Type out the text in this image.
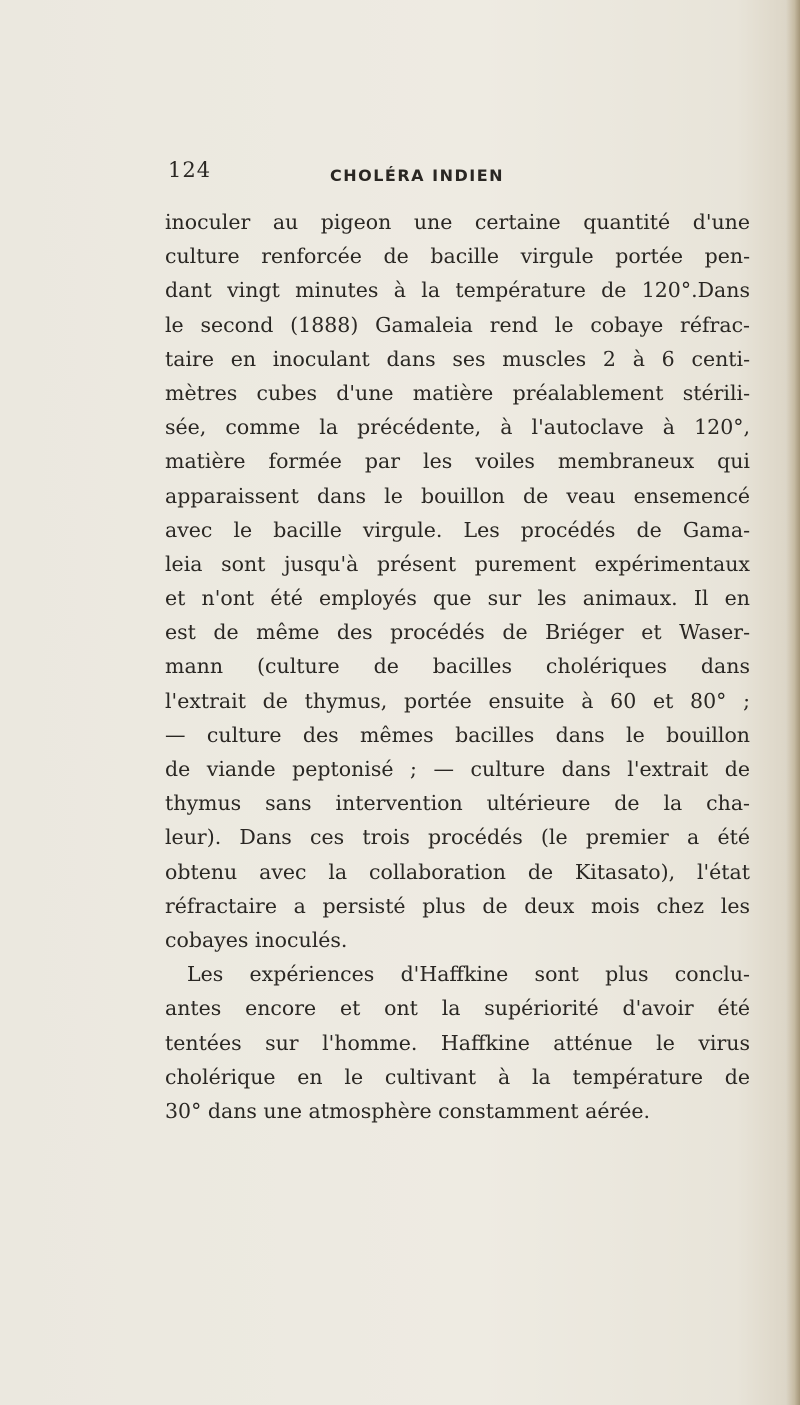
124	CHOLÉRA INDIEN
inoculer au pigeon une certaine quantité d'une
culture renforcée de bacille virgule portée pen-
dant vingt minutes à la température de 120°.Dans
le second (1888) Gamaleia rend le cobaye réfrac-
taire en inoculant dans ses muscles 2 à 6 centi-
mètres cubes d'une matière préalablement stérili-
sée, comme la précédente, à l'autoclave à 120°,
matière formée par les voiles membraneux qui
apparaissent dans le bouillon de veau ensemencé
avec le bacille virgule. Les procédés de Gama-
leia sont jusqu'à présent purement expérimentaux
et n'ont été employés que sur les animaux. Il en
est de même des procédés de Briéger et Waser-
mann (culture de bacilles cholériques dans
l'extrait de thymus, portée ensuite à 60 et 80° ;
— culture des mêmes bacilles dans le bouillon
de viande peptonisé ; — culture dans l'extrait de
thymus sans intervention ultérieure de la cha-
leur). Dans ces trois procédés (le premier a été
obtenu avec la collaboration de Kitasato), l'état
réfractaire a persisté plus de deux mois chez les
cobayes inoculés.
Les expériences d'Haffkine sont plus conclu-
antes encore et ont la supériorité d'avoir été
tentées sur l'homme. Haffkine atténue le virus
cholérique en le cultivant à la température de
30° dans une atmosphère constamment aérée.
